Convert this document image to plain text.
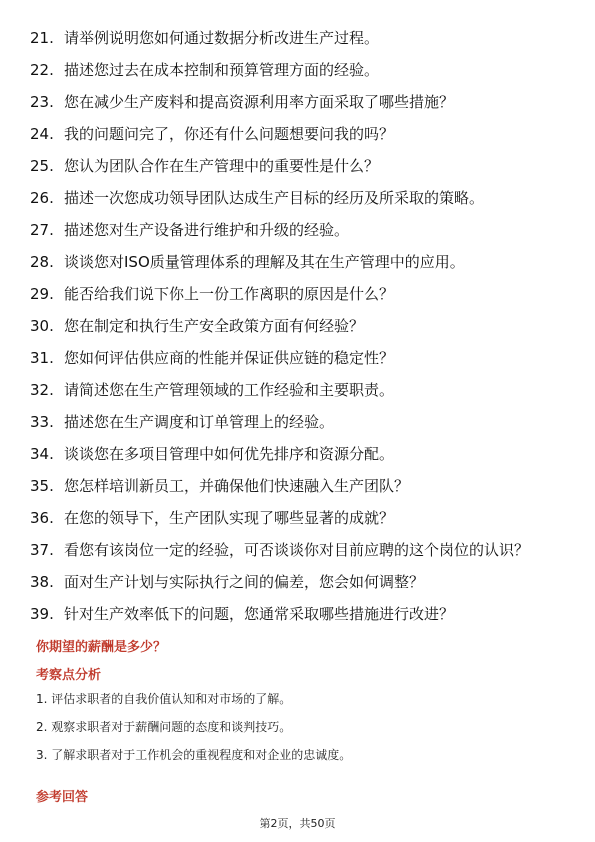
21. 请举例说明您如何通过数据分析改进生产过程。
22. 描述您过去在成本控制和预算管理方面的经验。
23. 您在减少生产废料和提高资源利用率方面采取了哪些措施？
24. 我的问题问完了，你还有什么问题想要问我的吗？
25. 您认为团队合作在生产管理中的重要性是什么？
26. 描述一次您成功领导团队达成生产目标的经历及所采取的策略。
27. 描述您对生产设备进行维护和升级的经验。
28. 谈谈您对ISO质量管理体系的理解及其在生产管理中的应用。
29. 能否给我们说下你上一份工作离职的原因是什么？
30. 您在制定和执行生产安全政策方面有何经验？
31. 您如何评估供应商的性能并保证供应链的稳定性？
32. 请简述您在生产管理领域的工作经验和主要职责。
33. 描述您在生产调度和订单管理上的经验。
34. 谈谈您在多项目管理中如何优先排序和资源分配。
35. 您怎样培训新员工，并确保他们快速融入生产团队？
36. 在您的领导下，生产团队实现了哪些显著的成就？
37. 看您有该岗位一定的经验，可否谈谈你对目前应聘的这个岗位的认识？
38. 面对生产计划与实际执行之间的偏差，您会如何调整？
39. 针对生产效率低下的问题，您通常采取哪些措施进行改进？
你期望的薪酬是多少？
考察点分析
1. 评估求职者的自我价值认知和对市场的了解。
2. 观察求职者对于薪酬问题的态度和谈判技巧。
3. 了解求职者对于工作机会的重视程度和对企业的忠诚度。
参考回答
第2页，共50页
